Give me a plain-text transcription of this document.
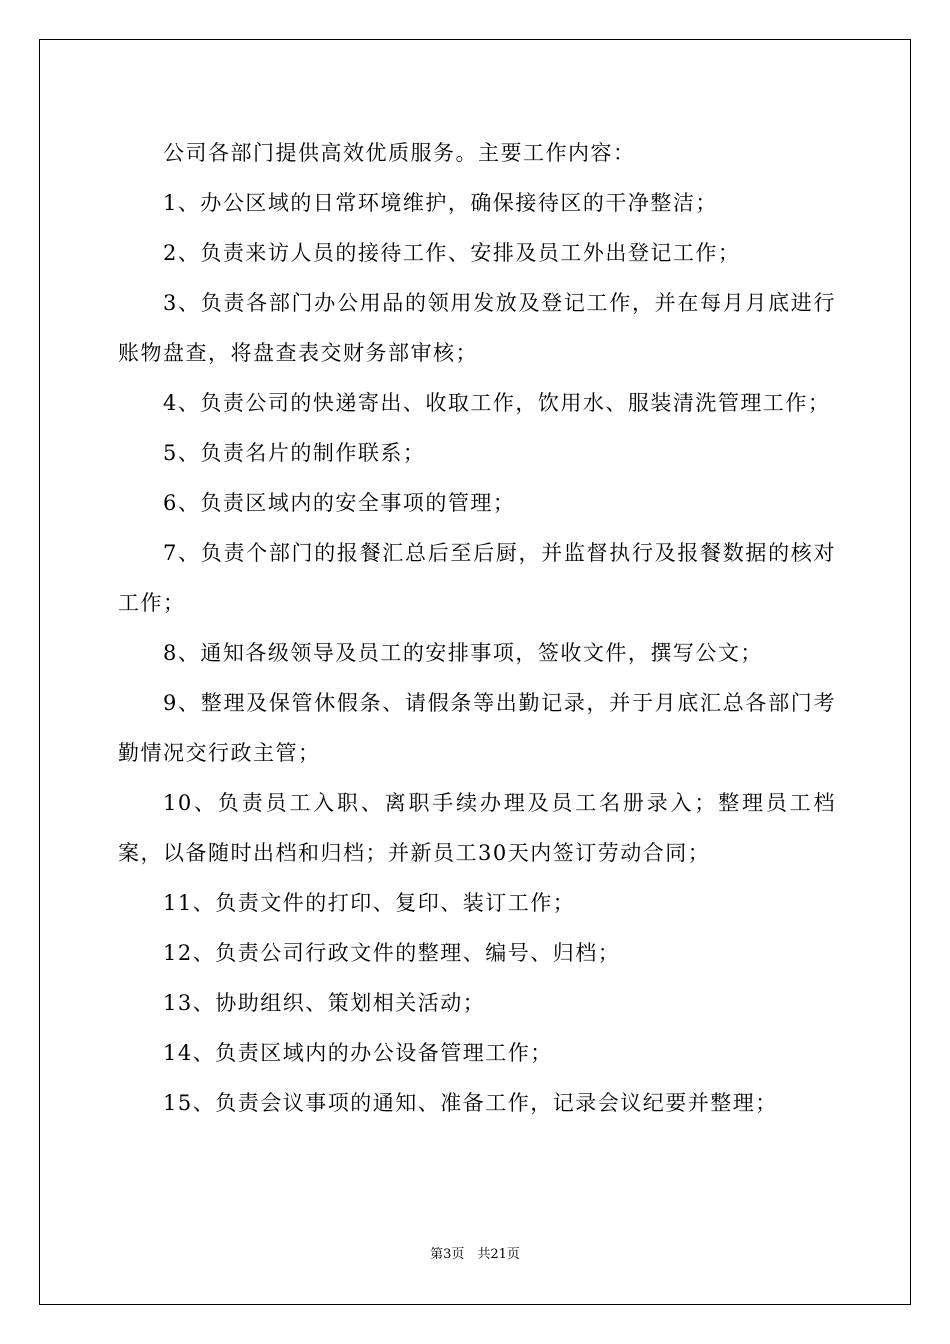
公司各部门提供高效优质服务。主要工作内容：

1、办公区域的日常环境维护，确保接待区的干净整洁；

2、负责来访人员的接待工作、安排及员工外出登记工作；

3、负责各部门办公用品的领用发放及登记工作，并在每月月底进行账物盘查，将盘查表交财务部审核；

4、负责公司的快递寄出、收取工作，饮用水、服装清洗管理工作；

5、负责名片的制作联系；

6、负责区域内的安全事项的管理；

7、负责个部门的报餐汇总后至后厨，并监督执行及报餐数据的核对工作；

8、通知各级领导及员工的安排事项，签收文件，撰写公文；

9、整理及保管休假条、请假条等出勤记录，并于月底汇总各部门考勤情况交行政主管；

10、负责员工入职、离职手续办理及员工名册录入；整理员工档案，以备随时出档和归档；并新员工30天内签订劳动合同；

11、负责文件的打印、复印、装订工作；

12、负责公司行政文件的整理、编号、归档；

13、协助组织、策划相关活动；

14、负责区域内的办公设备管理工作；

15、负责会议事项的通知、准备工作，记录会议纪要并整理；

第3页　共21页
